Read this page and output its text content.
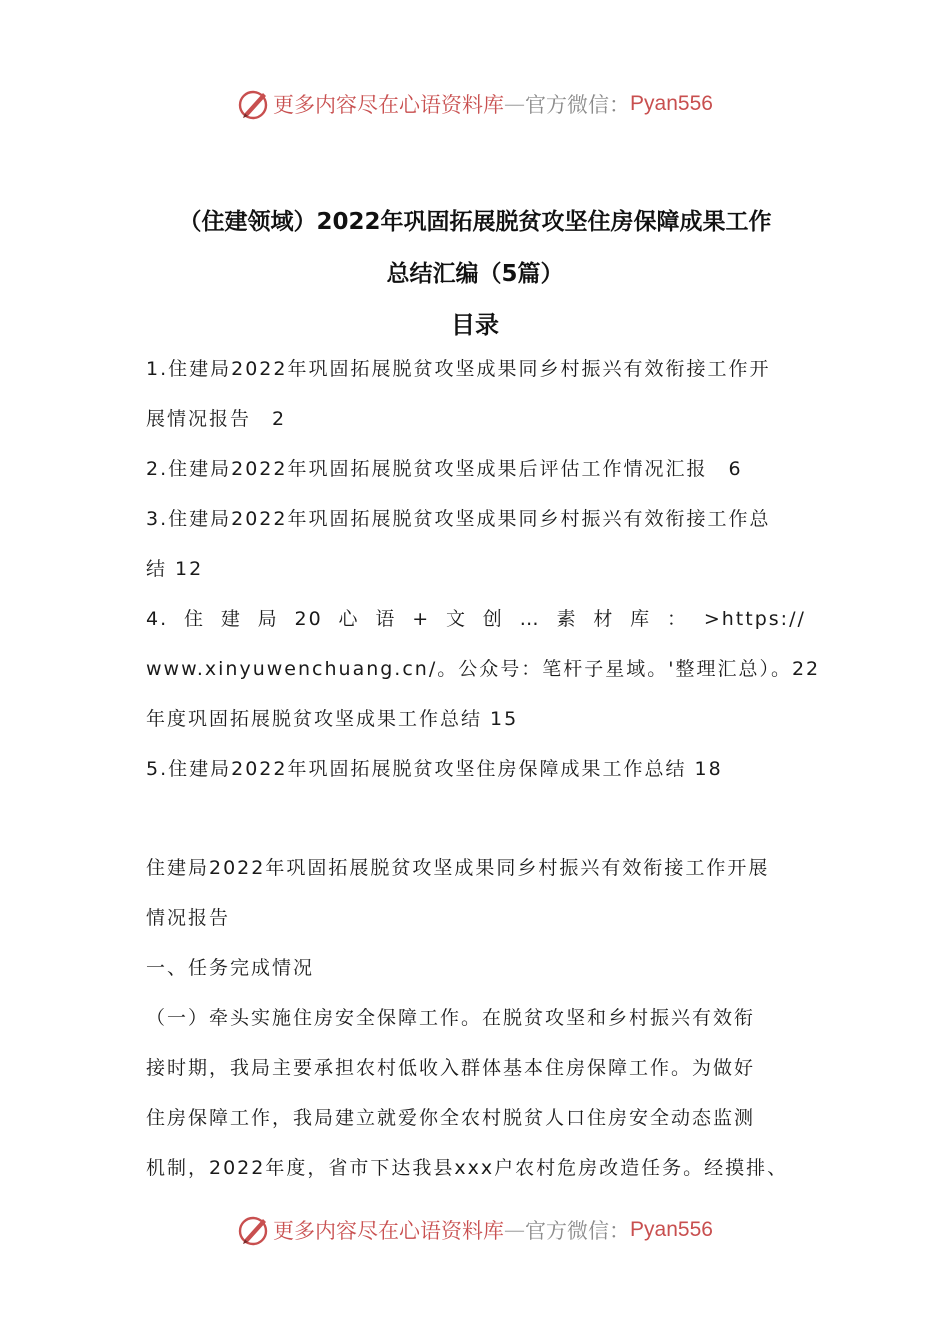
更多内容尽在心语资料库 — 官方微信： Pyan556
（住建领域）2022年巩固拓展脱贫攻坚住房保障成果工作
总结汇编（5篇）
目录
1.住建局2022年巩固拓展脱贫攻坚成果同乡村振兴有效衔接工作开
展情况报告　2
2.住建局2022年巩固拓展脱贫攻坚成果后评估工作情况汇报　6
3.住建局2022年巩固拓展脱贫攻坚成果同乡村振兴有效衔接工作总
结 12
4. 住 建 局 20 心 语 + 文 创 … 素 材 库 ： >https://
www.xinyuwenchuang.cn/。公众号：笔杆子星域。'整理汇总）。22
年度巩固拓展脱贫攻坚成果工作总结 15
5.住建局2022年巩固拓展脱贫攻坚住房保障成果工作总结 18
住建局2022年巩固拓展脱贫攻坚成果同乡村振兴有效衔接工作开展
情况报告
一、任务完成情况
（一）牵头实施住房安全保障工作。在脱贫攻坚和乡村振兴有效衔
接时期，我局主要承担农村低收入群体基本住房保障工作。为做好
住房保障工作，我局建立就爱你全农村脱贫人口住房安全动态监测
机制，2022年度，省市下达我县xxx户农村危房改造任务。经摸排、
更多内容尽在心语资料库 — 官方微信： Pyan556
